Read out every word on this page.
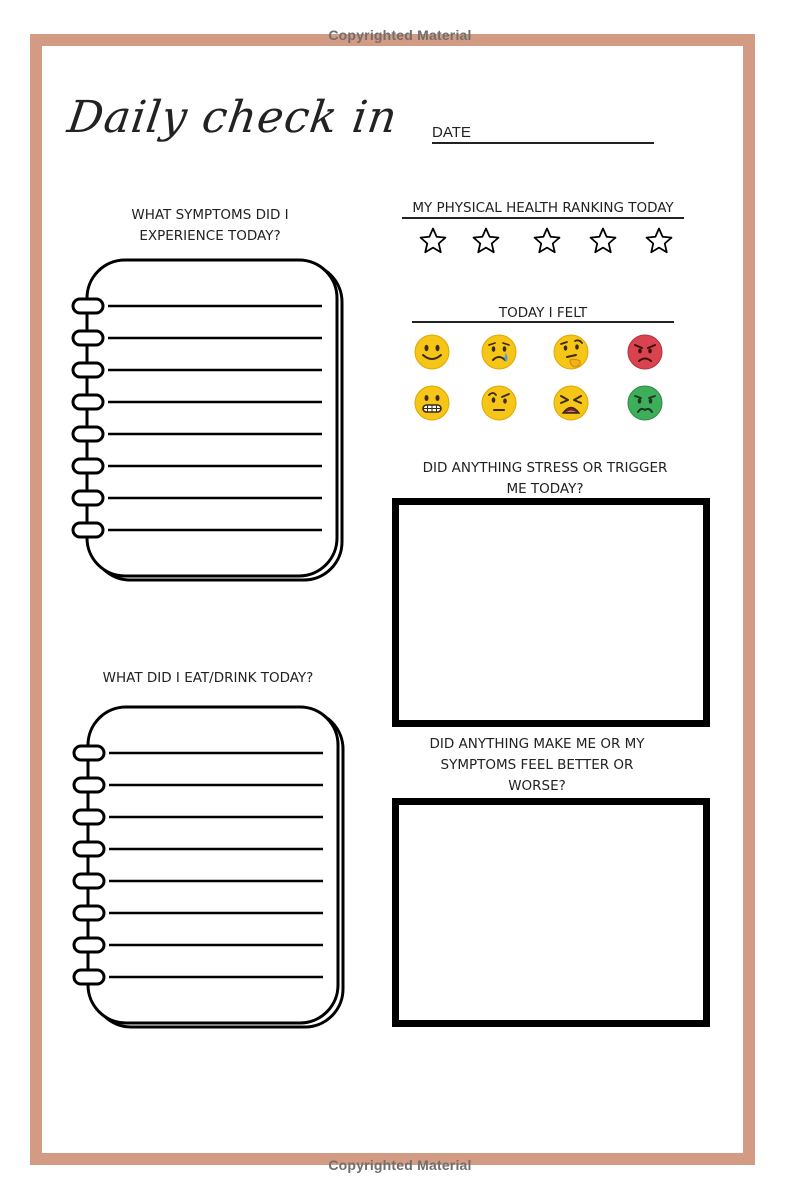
Copyrighted Material
Copyrighted Material
Daily check in DATE
WHAT SYMPTOMS DID I
EXPERIENCE TODAY?
WHAT DID I EAT/DRINK TODAY?
MY PHYSICAL HEALTH RANKING TODAY
TODAY I FELT
DID ANYTHING STRESS OR TRIGGER
ME TODAY?
DID ANYTHING MAKE ME OR MY
SYMPTOMS FEEL BETTER OR
WORSE?
